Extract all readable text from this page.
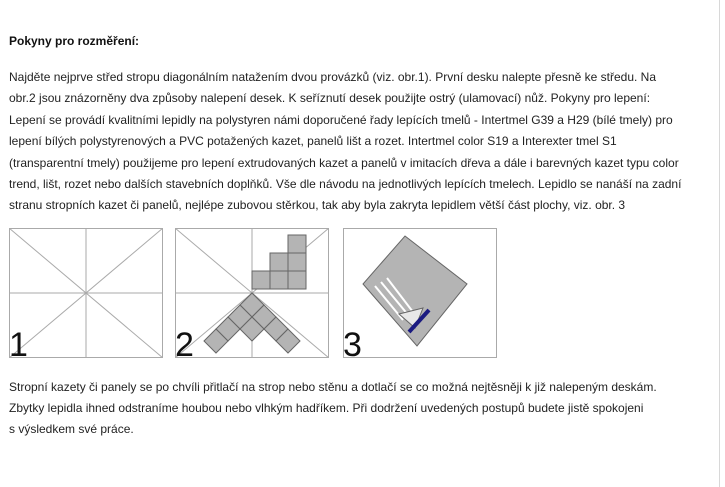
Pokyny pro rozměření:
Najděte nejprve střed stropu diagonálním natažením dvou provázků (viz. obr.1). První desku nalepte přesně ke středu. Na
obr.2 jsou znázorněny dva způsoby nalepení desek. K seříznutí desek použijte ostrý (ulamovací) nůž. Pokyny pro lepení:
Lepení se provádí kvalitními lepidly na polystyren námi doporučené řady lepících tmelů - Intertmel G39 a H29 (bílé tmely) pro
lepení bílých polystyrenových a PVC potažených kazet, panelů lišt a rozet. Intertmel color S19 a Interexter tmel S1
(transparentní tmely) použijeme pro lepení extrudovaných kazet a panelů v imitacích dřeva a dále i barevných kazet typu color
trend, lišt, rozet nebo dalších stavebních doplňků. Vše dle návodu na jednotlivých lepících tmelech. Lepidlo se nanáší na zadní
stranu stropních kazet či panelů, nejlépe zubovou stěrkou, tak aby byla zakryta lepidlem větší část plochy, viz. obr. 3
1	2	3
Stropní kazety či panely se po chvíli přitlačí na strop nebo stěnu a dotlačí se co možná nejtěsněji k již nalepeným deskám.
Zbytky lepidla ihned odstraníme houbou nebo vlhkým hadříkem. Při dodržení uvedených postupů budete jistě spokojeni
s výsledkem své práce.
